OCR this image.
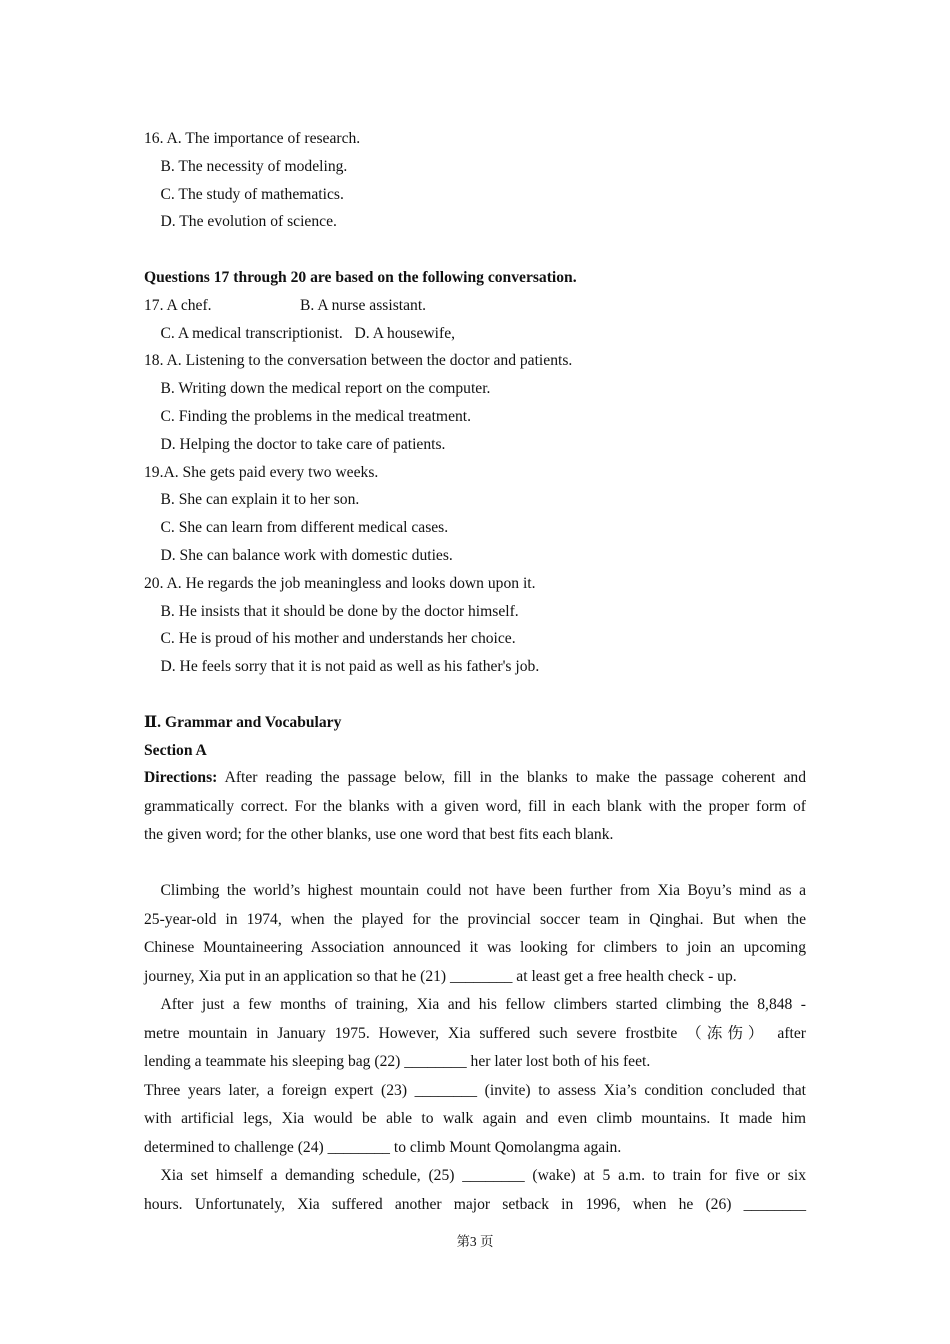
16. A. The importance of research.
B. The necessity of modeling.
C. The study of mathematics.
D. The evolution of science.
Questions 17 through 20 are based on the following conversation.
17. A chef.	B. A nurse assistant.
C. A medical transcriptionist.   D. A housewife,
18. A. Listening to the conversation between the doctor and patients.
B. Writing down the medical report on the computer.
C. Finding the problems in the medical treatment.
D. Helping the doctor to take care of patients.
19.A. She gets paid every two weeks.
B. She can explain it to her son.
C. She can learn from different medical cases.
D. She can balance work with domestic duties.
20. A. He regards the job meaningless and looks down upon it.
B. He insists that it should be done by the doctor himself.
C. He is proud of his mother and understands her choice.
D. He feels sorry that it is not paid as well as his father's job.
Ⅱ. Grammar and Vocabulary
Section A
Directions: After reading the passage below, fill in the blanks to make the passage coherent and
grammatically correct. For the blanks with a given word, fill in each blank with the proper form of
the given word; for the other blanks, use one word that best fits each blank.
Climbing the world’s highest mountain could not have been further from Xia Boyu’s mind as a
25-year-old in 1974, when the played for the provincial soccer team in Qinghai. But when the
Chinese Mountaineering Association announced it was looking for climbers to join an upcoming
journey, Xia put in an application so that he (21) ________ at least get a free health check - up.
After just a few months of training, Xia and his fellow climbers started climbing the 8,848 -
metre mountain in January 1975. However, Xia suffered such severe frostbite （冻伤） after
lending a teammate his sleeping bag (22) ________ her later lost both of his feet.
Three years later, a foreign expert (23) ________ (invite) to assess Xia’s condition concluded that
with artificial legs, Xia would be able to walk again and even climb mountains. It made him
determined to challenge (24) ________ to climb Mount Qomolangma again.
Xia set himself a demanding schedule, (25) ________ (wake) at 5 a.m. to train for five or six
hours. Unfortunately, Xia suffered another major setback in 1996, when he (26) ________
第3 页
